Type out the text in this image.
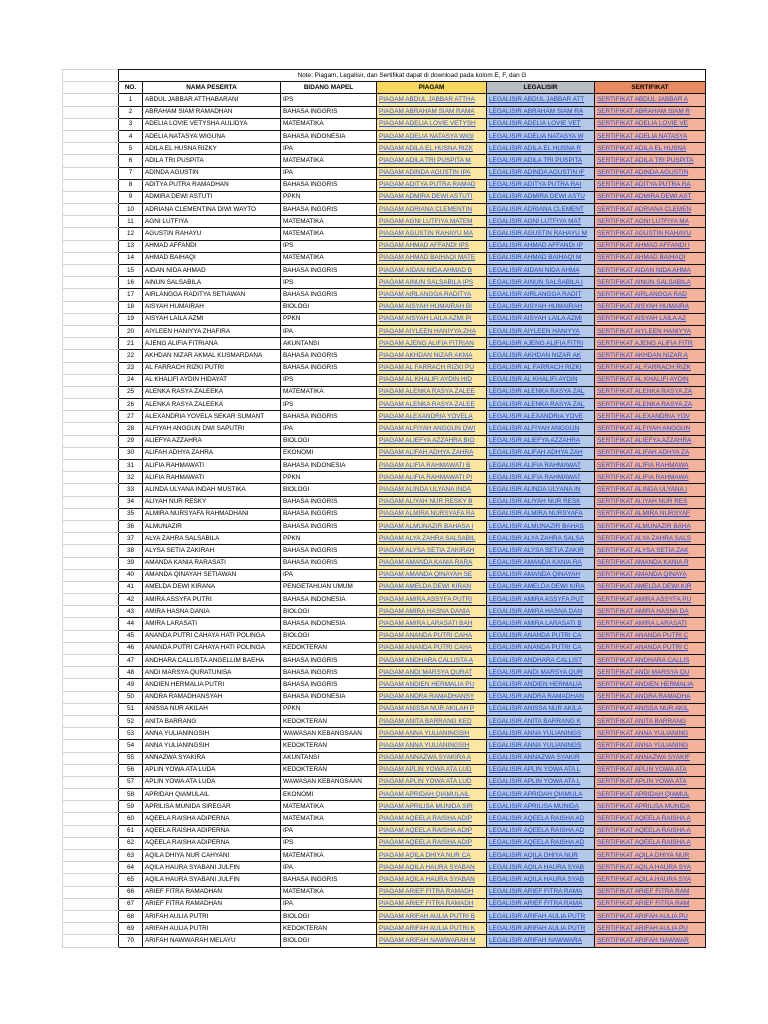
	Note: Piagam, Legalisir, dan Sertifikat dapat di download pada kolom E, F, dan G					
	NO.	NAMA PESERTA	BIDANG MAPEL	PIAGAM	LEGALISIR	SERTIFIKAT
	1	ABDUL JABBAR ATTHABARANI	IPS	PIAGAM ABDUL JABBAR ATTHA	LEGALISIR ABDUL JABBAR ATT	SERTIFIKAT ABDUL JABBAR A
	2	ABRAHAM SIAM RAMADHAN	BAHASA INGGRIS	PIAGAM ABRAHAM SIAM RAMA	LEGALISIR ABRAHAM SIAM RA	SERTIFIKAT ABRAHAM SIAM R
	3	ADELIA LOVIE VETYSHA AULIDYA	MATEMATIKA	PIAGAM ADELIA LOVIE VETYSH	LEGALISIR ADELIA LOVIE VET	SERTIFIKAT ADELIA LOVIE VE
	4	ADELIA NATASYA WIGUNA	BAHASA INDONESIA	PIAGAM ADELIA NATASYA WIGI	LEGALISIR ADELIA NATASYA W	SERTIFIKAT ADELIA NATASYA
	5	ADILA EL HUSNA RIZKY	IPA	PIAGAM ADILA EL HUSNA RIZK	LEGALISIR ADILA EL HUSNA R	SERTIFIKAT ADILA EL HUSNA
	6	ADILA TRI PUSPITA	MATEMATIKA	PIAGAM ADILA TRI PUSPITA M	LEGALISIR ADILA TRI PUSPITA	SERTIFIKAT ADILA TRI PUSPITA
	7	ADINDA AGUSTIN	IPA	PIAGAM ADINDA AGUSTIN IPA	LEGALISIR ADINDA AGUSTIN IF	SERTIFIKAT ADINDA AGUSTIN
	8	ADITYA PUTRA RAMADHAN	BAHASA INGGRIS	PIAGAM ADITYA PUTRA RAMAD	LEGALISIR ADITYA PUTRA RAI	SERTIFIKAT ADITYA PUTRA RA
	9	ADMIRA DEWI ASTUTI	PPKN	PIAGAM ADMIRA DEWI ASTUTI	LEGALISIR ADMIRA DEWI ASTU	SERTIFIKAT ADMIRA DEWI AST
	10	ADRIANA CLEMENTINA DIWI WAYTO	BAHASA INGGRIS	PIAGAM ADRIANA CLEMENTIN	LEGALISIR ADRIANA CLEMENT	SERTIFIKAT ADRIANA CLEMEN
	11	AGNI LUTFIYA	MATEMATIKA	PIAGAM AGNI LUTFIYA MATEM	LEGALISIR AGNI LUTFIYA MAT	SERTIFIKAT AGNI LUTFIYA MA
	12	AGUSTIN RAHAYU	MATEMATIKA	PIAGAM AGUSTIN RAHAYU MA	LEGALISIR AGUSTIN RAHAYU M	SERTIFIKAT AGUSTIN RAHAYU
	13	AHMAD AFFANDI	IPS	PIAGAM AHMAD AFFANDI IPS	LEGALISIR AHMAD AFFANDI IP	SERTIFIKAT AHMAD AFFANDI I
	14	AHMAD BAIHAQI	MATEMATIKA	PIAGAM AHMAD BAIHAQI MATE	LEGALISIR AHMAD BAIHAQI M	SERTIFIKAT AHMAD BAIHAQI
	15	AIDAN NIDA AHMAD	BAHASA INGGRIS	PIAGAM AIDAN NIDA AHMAD B	LEGALISIR AIDAN NIDA AHMA	SERTIFIKAT AIDAN NIDA AHMA
	16	AINUN SALSABILA	IPS	PIAGAM AINUN SALSABILA IPS	LEGALISIR AINUN SALSABILA I	SERTIFIKAT AINUN SALSABILA
	17	AIRLANGGA RADITYA SETIAWAN	BAHASA INGGRIS	PIAGAM AIRLANGGA RADITYA	LEGALISIR AIRLANGGA RADIT	SERTIFIKAT AIRLANGGA RAD
	18	AISYAH HUMAIRAH	BIOLOGI	PIAGAM AISYAH HUMAIRAH BI	LEGALISIR AISYAH HUMAIRAH	SERTIFIKAT AISYAH HUMAIRA
	19	AISYAH LAILA AZMI	PPKN	PIAGAM AISYAH LAILA AZMI PI	LEGALISIR AISYAH LAILA AZMI	SERTIFIKAT AISYAH LAILA AZ
	20	AIYLEEN HANIYYA ZHAFIRA	IPA	PIAGAM AIYLEEN HANIYYA ZHA	LEGALISIR AIYLEEN HANIYYA	SERTIFIKAT AIYLEEN HANIYYA
	21	AJENG ALIFIA FITRIANA	AKUNTANSI	PIAGAM AJENG ALIFIA FITRIAN	LEGALISIR AJENG ALIFIA FITRI	SERTIFIKAT AJENG ALIFIA FITR
	22	AKHDAN NIZAR AKMAL KUSMARDANA	BAHASA INGGRIS	PIAGAM AKHDAN NIZAR AKMA	LEGALISIR AKHDAN NIZAR AK	SERTIFIKAT AKHDAN NIZAR A
	23	AL FARRACH RIZKI PUTRI	BAHASA INGGRIS	PIAGAM AL FARRACH RIZKI PU	LEGALISIR AL FARRACH RIZKI	SERTIFIKAT AL FARRACH RIZK
	24	AL KHALIFI AYDIN HIDAYAT	IPS	PIAGAM AL KHALIFI AYDIN HID	LEGALISIR AL KHALIFI AYDIN	SERTIFIKAT AL KHALIFI AYDIN
	25	ALENKA RASYA ZALEEKA	MATEMATIKA	PIAGAM ALENKA RASYA ZALEE	LEGALISIR ALENKA RASYA ZAL	SERTIFIKAT ALENKA RASYA ZA
	26	ALENKA RASYA ZALEEKA	IPS	PIAGAM ALENKA RASYA ZALEE	LEGALISIR ALENKA RASYA ZAL	SERTIFIKAT ALENKA RASYA ZA
	27	ALEXANDRIA YOVELA SEKAR SUMANT	BAHASA INGGRIS	PIAGAM ALEXANDRIA YOVELA	LEGALISIR ALEXANDRIA YOVE	SERTIFIKAT ALEXANDRIA YOV
	28	ALFIYAH ANGGUN DWI SAPUTRI	IPA	PIAGAM ALFIYAH ANGGUN DWI	LEGALISIR ALFIYAH ANGGUN	SERTIFIKAT ALFIYAH ANGGUN
	29	ALIEFYA AZZAHRA	BIOLOGI	PIAGAM ALIEFYA AZZAHRA BIO	LEGALISIR ALIEFYA AZZAHRA	SERTIFIKAT ALIEFYA AZZAHRA
	30	ALIFAH ADHYA ZAHRA	EKONOMI	PIAGAM ALIFAH ADHYA ZAHRA	LEGALISIR ALIFAH ADHYA ZAH	SERTIFIKAT ALIFAH ADHYA ZA
	31	ALIFIA RAHMAWATI	BAHASA INDONESIA	PIAGAM ALIFIA RAHMAWATI B	LEGALISIR ALIFIA RAHMAWAT	SERTIFIKAT ALIFIA RAHMAWA
	32	ALIFIA RAHMAWATI	PPKN	PIAGAM ALIFIA RAHMAWATI PI	LEGALISIR ALIFIA RAHMAWAT	SERTIFIKAT ALIFIA RAHMAWA
	33	ALINDA ULYANA INDAH MUSTIKA	BIOLOGI	PIAGAM ALINDA ULYANA INDA	LEGALISIR ALINDA ULYANA IN	SERTIFIKAT ALINDA ULYANA I
	34	ALIYAH NUR RESKY	BAHASA INGGRIS	PIAGAM ALIYAH NUR RESKY B	LEGALISIR ALIYAH NUR RESK	SERTIFIKAT ALIYAH NUR RES
	35	ALMIRA NURSYAFA RAHMADHANI	BAHASA INGGRIS	PIAGAM ALMIRA NURSYAFA RA	LEGALISIR ALMIRA NURSYAFA	SERTIFIKAT ALMIRA NURSYAF
	36	ALMUNAZIR	BAHASA INGGRIS	PIAGAM ALMUNAZIR BAHASA I	LEGALISIR ALMUNAZIR BAHAS	SERTIFIKAT ALMUNAZIR BAHA
	37	ALYA ZAHRA SALSABILA	PPKN	PIAGAM ALYA ZAHRA SALSABIL	LEGALISIR ALYA ZAHRA SALSA	SERTIFIKAT ALYA ZAHRA SALS
	38	ALYSA SETIA ZAKIRAH	BAHASA INGGRIS	PIAGAM ALYSA SETIA ZAKIRAH	LEGALISIR ALYSA SETIA ZAKIR	SERTIFIKAT ALYSA SETIA ZAK
	39	AMANDA KANIA RARASATI	BAHASA INGGRIS	PIAGAM AMANDA KANIA RARA	LEGALISIR AMANDA KANIA RA	SERTIFIKAT AMANDA KANIA R
	40	AMANDA QINAYAH SETIAWAN	IPA	PIAGAM AMANDA QINAYAH SE	LEGALISIR AMANDA QINAYAH	SERTIFIKAT AMANDA QINAYA
	41	AMELDA DEWI KIRANA	PENGETAHUAN UMUM	PIAGAM AMELDA DEWI KIRAN	LEGALISIR AMELDA DEWI KIRA	SERTIFIKAT AMELDA DEWI KIR
	42	AMIRA ASSYFA PUTRI	BAHASA INDONESIA	PIAGAM AMIRA ASSYFA PUTRI	LEGALISIR AMIRA ASSYFA PUT	SERTIFIKAT AMIRA ASSYFA PU
	43	AMIRA HASNA DANIA	BIOLOGI	PIAGAM AMIRA HASNA DANIA	LEGALISIR AMIRA HASNA DAN	SERTIFIKAT AMIRA HASNA DA
	44	AMIRA LARASATI	BAHASA INDONESIA	PIAGAM AMIRA LARASATI BAH	LEGALISIR AMIRA LARASATI B	SERTIFIKAT AMIRA LARASATI
	45	ANANDA PUTRI CAHAYA HATI POLINGA	BIOLOGI	PIAGAM ANANDA PUTRI CAHA	LEGALISIR ANANDA PUTRI CA	SERTIFIKAT ANANDA PUTRI C
	46	ANANDA PUTRI CAHAYA HATI POLINGA	KEDOKTERAN	PIAGAM ANANDA PUTRI CAHA	LEGALISIR ANANDA PUTRI CA	SERTIFIKAT ANANDA PUTRI C
	47	ANDHARA CALLISTA ANGELLIM BAEHA	BAHASA INGGRIS	PIAGAM ANDHARA CALLISTA A	LEGALISIR ANDHARA CALLIST	SERTIFIKAT ANDHARA CALLIS
	48	ANDI MARSYA QURATUNISA	BAHASA INGGRIS	PIAGAM ANDI MARSYA QURAT	LEGALISIR ANDI MARSYA QUR	SERTIFIKAT ANDI MARSYA QU
	49	ANDIEN HERMALIA PUTRI	BAHASA INGGRIS	PIAGAM ANDIEN HERMALIA PU	LEGALISIR ANDIEN HERMALIA	SERTIFIKAT ANDIEN HERMALIA
	50	ANDRA RAMADHANSYAH	BAHASA INDONESIA	PIAGAM ANDRA RAMADHANSY	LEGALISIR ANDRA RAMADHAN	SERTIFIKAT ANDRA RAMADHA
	51	ANISSA NUR AKILAH	PPKN	PIAGAM ANISSA NUR AKILAH P	LEGALISIR ANISSA NUR AKILA	SERTIFIKAT ANISSA NUR AKIL
	52	ANITA BARRANG	KEDOKTERAN	PIAGAM ANITA BARRANG KED	LEGALISIR ANITA BARRANG K	SERTIFIKAT ANITA BARRANG
	53	ANNA YULIANINGSIH	WAWASAN KEBANGSAAN	PIAGAM ANNA YULIANINGSIH	LEGALISIR ANNA YULIANINGS	SERTIFIKAT ANNA YULIANING
	54	ANNA YULIANINGSIH	KEDOKTERAN	PIAGAM ANNA YULIANINGSIH	LEGALISIR ANNA YULIANINGS	SERTIFIKAT ANNA YULIANING
	55	ANNAZWA SYAKIRA	AKUNTANSI	PIAGAM ANNAZWA SYAKIRA A	LEGALISIR ANNAZWA SYAKIR	SERTIFIKAT ANNAZWA SYAKIF
	56	APLIN YOWA ATA LUDA	KEDOKTERAN	PIAGAM APLIN YOWA ATA LUD	LEGALISIR APLIN YOWA ATA L	SERTIFIKAT APLIN YOWA ATA
	57	APLIN YOWA ATA LUDA	WAWASAN KEBANGSAAN	PIAGAM APLIN YOWA ATA LUD	LEGALISIR APLIN YOWA ATA L	SERTIFIKAT APLIN YOWA ATA
	58	APRIDAH QIAMULAIL	EKONOMI	PIAGAM APRIDAH QIAMULAIL	LEGALISIR APRIDAH QIAMULA	SERTIFIKAT APRIDAH QIAMUL
	59	APRILISA MUNIDA SIREGAR	MATEMATIKA	PIAGAM APRILISA MUNIDA SIR	LEGALISIR APRILISA MUNIDA	SERTIFIKAT APRILISA MUNIDA
	60	AQEELA RAISHA ADIPERNA	MATEMATIKA	PIAGAM AQEELA RAISHA ADIP	LEGALISIR AQEELA RAISHA AD	SERTIFIKAT AQEELA RAISHA A
	61	AQEELA RAISHA ADIPERNA	IPA	PIAGAM AQEELA RAISHA ADIP	LEGALISIR AQEELA RAISHA AD	SERTIFIKAT AQEELA RAISHA A
	62	AQEELA RAISHA ADIPERNA	IPS	PIAGAM AQEELA RAISHA ADIP	LEGALISIR AQEELA RAISHA AD	SERTIFIKAT AQEELA RAISHA A
	63	AQILA DHIYA NUR CAHYANI	MATEMATIKA	PIAGAM AQILA DHIYA NUR CA	LEGALISIR AQILA DHIYA NUR	SERTIFIKAT AQILA DHIYA NUR
	64	AQILA HAURA SYABANI JULFIN	IPA	PIAGAM AQILA HAURA SYABAN	LEGALISIR AQILA HAURA SYAB	SERTIFIKAT AQILA HAURA SYA
	65	AQILA HAURA SYABANI JULFIN	BAHASA INGGRIS	PIAGAM AQILA HAURA SYABAN	LEGALISIR AQILA HAURA SYAB	SERTIFIKAT AQILA HAURA SYA
	66	ARIEF FITRA RAMADHAN	MATEMATIKA	PIAGAM ARIEF FITRA RAMADH	LEGALISIR ARIEF FITRA RAMA	SERTIFIKAT ARIEF FITRA RAM
	67	ARIEF FITRA RAMADHAN	IPA	PIAGAM ARIEF FITRA RAMADH	LEGALISIR ARIEF FITRA RAMA	SERTIFIKAT ARIEF FITRA RAM
	68	ARIFAH AULIA PUTRI	BIOLOGI	PIAGAM ARIFAH AULIA PUTRI B	LEGALISIR ARIFAH AULIA PUTR	SERTIFIKAT ARIFAH AULIA PU
	69	ARIFAH AULIA PUTRI	KEDOKTERAN	PIAGAM ARIFAH AULIA PUTRI K	LEGALISIR ARIFAH AULIA PUTR	SERTIFIKAT ARIFAH AULIA PU
	70	ARIFAH NAWWARAH MELAYU	BIOLOGI	PIAGAM ARIFAH NAWWARAH M	LEGALISIR ARIFAH NAWWARA	SERTIFIKAT ARIFAH NAWWAR
